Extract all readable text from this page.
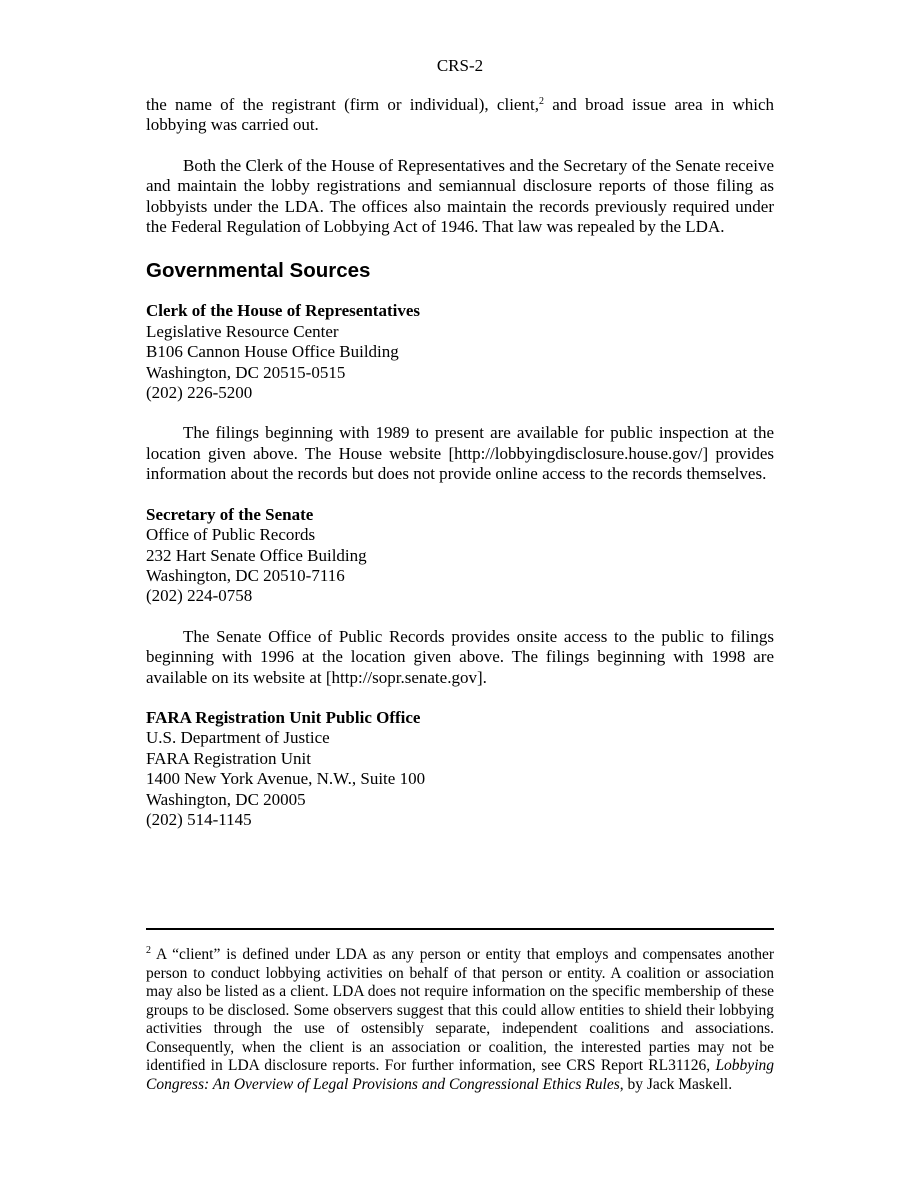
CRS-2

the name of the registrant (firm or individual), client,$^2$ and broad issue area in which lobbying was carried out.

Both the Clerk of the House of Representatives and the Secretary of the Senate receive and maintain the lobby registrations and semiannual disclosure reports of those filing as lobbyists under the LDA. The offices also maintain the records previously required under the Federal Regulation of Lobbying Act of 1946. That law was repealed by the LDA.

Governmental Sources
Clerk of the House of Representatives
Legislative Resource Center
B106 Cannon House Office Building
Washington, DC 20515-0515
(202) 226-5200

The filings beginning with 1989 to present are available for public inspection at the location given above. The House website [http://lobbyingdisclosure.house.gov/] provides information about the records but does not provide online access to the records themselves.

Secretary of the Senate
Office of Public Records
232 Hart Senate Office Building
Washington, DC 20510-7116
(202) 224-0758

The Senate Office of Public Records provides onsite access to the public to filings beginning with 1996 at the location given above. The filings beginning with 1998 are available on its website at [http://sopr.senate.gov].

FARA Registration Unit Public Office
U.S. Department of Justice
FARA Registration Unit
1400 New York Avenue, N.W., Suite 100
Washington, DC 20005
(202) 514-1145
$^2$ A “client” is defined under LDA as any person or entity that employs and compensates another person to conduct lobbying activities on behalf of that person or entity. A coalition or association may also be listed as a client. LDA does not require information on the specific membership of these groups to be disclosed. Some observers suggest that this could allow entities to shield their lobbying activities through the use of ostensibly separate, independent coalitions and associations. Consequently, when the client is an association or coalition, the interested parties may not be identified in LDA disclosure reports. For further information, see CRS Report RL31126, Lobbying Congress: An Overview of Legal Provisions and Congressional Ethics Rules, by Jack Maskell.
